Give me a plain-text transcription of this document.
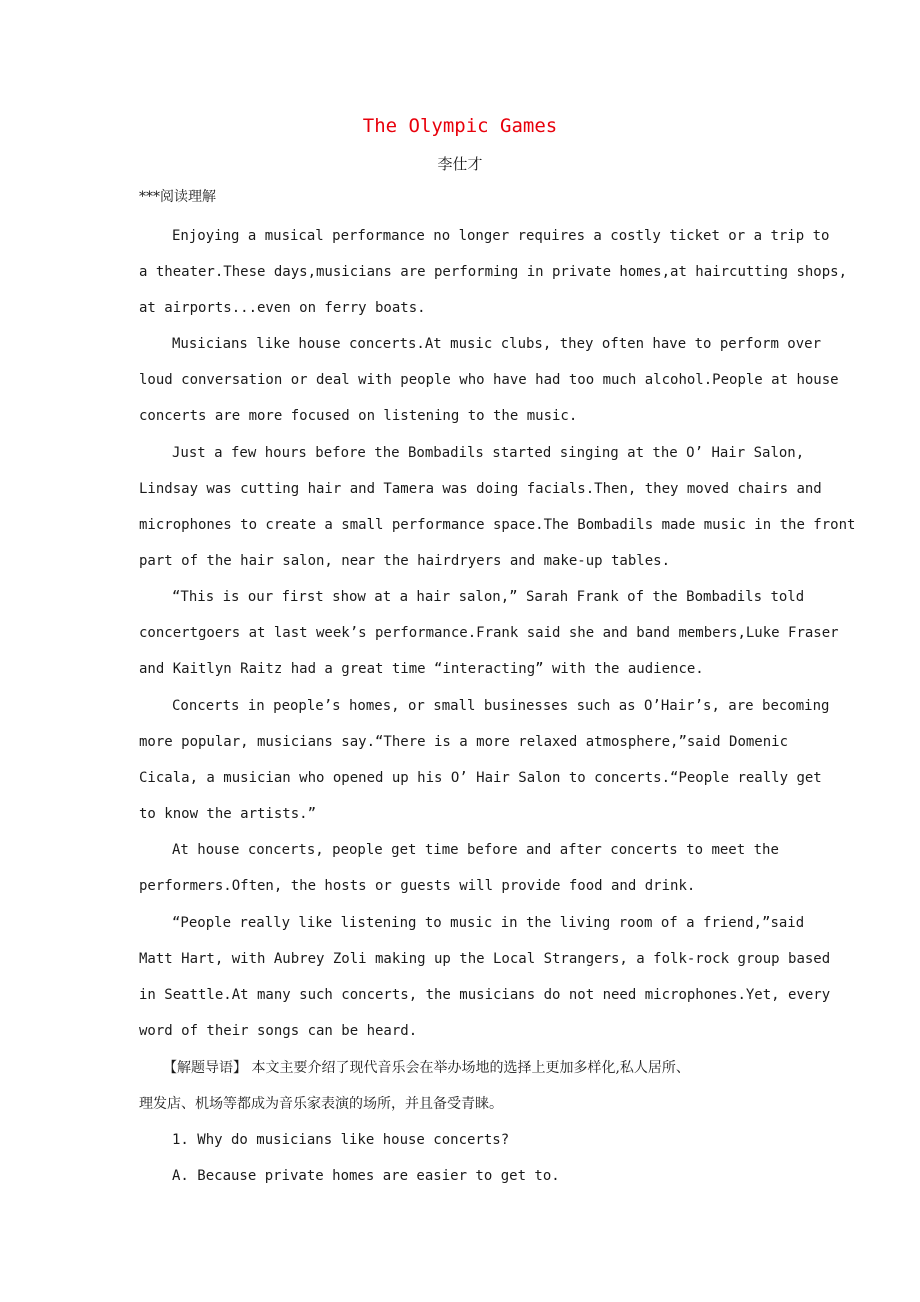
The Olympic Games
李仕才
***阅读理解
Enjoying a musical performance no longer requires a costly ticket or a trip to
a theater.These days,musicians are performing in private homes,at haircutting shops,
at airports...even on ferry boats.
Musicians like house concerts.At music clubs, they often have to perform over
loud conversation or deal with people who have had too much alcohol.People at house
concerts are more focused on listening to the music.
Just a few hours before the Bombadils started singing at the O’ Hair Salon,
Lindsay was cutting hair and Tamera was doing facials.Then, they moved chairs and
microphones to create a small performance space.The Bombadils made music in the front
part of the hair salon, near the hairdryers and make-up tables.
“This is our first show at a hair salon,” Sarah Frank of the Bombadils told
concertgoers at last week’s performance.Frank said she and band members,Luke Fraser
and Kaitlyn Raitz had a great time “interacting” with the audience.
Concerts in people’s homes, or small businesses such as O’Hair’s, are becoming
more popular, musicians say.“There is a more relaxed atmosphere,”said Domenic
Cicala, a musician who opened up his O’ Hair Salon to concerts.“People really get
to know the artists.”
At house concerts, people get time before and after concerts to meet the
performers.Often, the hosts or guests will provide food and drink.
“People really like listening to music in the living room of a friend,”said
Matt Hart, with Aubrey Zoli making up the Local Strangers, a folk-rock group based
in Seattle.At many such concerts, the musicians do not need microphones.Yet, every
word of their songs can be heard.
【解题导语】 本文主要介绍了现代音乐会在举办场地的选择上更加多样化,私人居所、
理发店、机场等都成为音乐家表演的场所，并且备受青睐。
1. Why do musicians like house concerts?
A. Because private homes are easier to get to.
